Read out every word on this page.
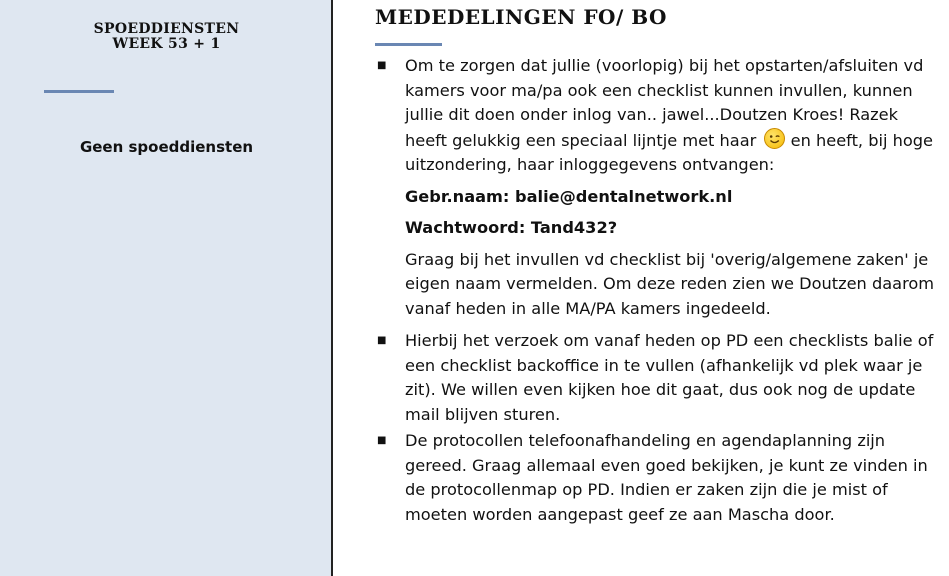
SPOEDDIENSTEN
WEEK 53 + 1
Geen spoeddiensten
MEDEDELINGEN FO/ BO
■ Om te zorgen dat jullie (voorlopig) bij het opstarten/afsluiten vd kamers voor ma/pa ook een checklist kunnen invullen, kunnen jullie dit doen onder inlog van.. jawel...Doutzen Kroes! Razek heeft gelukkig een speciaal lijntje met haar en heeft, bij hoge uitzondering, haar inloggegevens ontvangen:

Gebr.naam: balie@dentalnetwork.nl

Wachtwoord: Tand432?

Graag bij het invullen vd checklist bij 'overig/algemene zaken' je eigen naam vermelden. Om deze reden zien we Doutzen daarom vanaf heden in alle MA/PA kamers ingedeeld.

■ Hierbij het verzoek om vanaf heden op PD een checklists balie of een checklist backoffice in te vullen (afhankelijk vd plek waar je zit). We willen even kijken hoe dit gaat, dus ook nog de update mail blijven sturen.

■ De protocollen telefoonafhandeling en agendaplanning zijn gereed. Graag allemaal even goed bekijken, je kunt ze vinden in de protocollenmap op PD. Indien er zaken zijn die je mist of moeten worden aangepast geef ze aan Mascha door.
